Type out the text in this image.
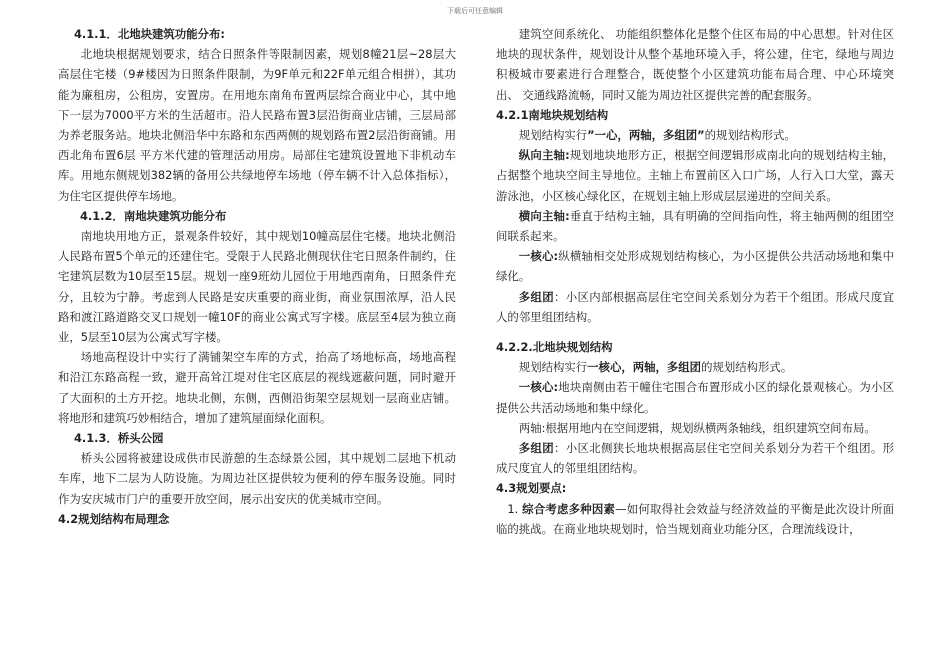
下载后可任意编辑

4.1.1．北地块建筑功能分布:

北地块根据规划要求，结合日照条件等限制因素，规划8幢21层~28层大高层住宅楼（9#楼因为日照条件限制，为9F单元和22F单元组合相拼），其功能为廉租房，公租房，安置房。在用地东南角布置两层综合商业中心，其中地下一层为7000平方米的生活超市。沿人民路布置3层沿街商业店铺，三层局部为养老服务站。地块北侧沿华中东路和东西两侧的规划路布置2层沿街商铺。用西北角布置6层 平方米代建的管理活动用房。局部住宅建筑设置地下非机动车库。用地东侧规划382辆的备用公共绿地停车场地（停车辆不计入总体指标），为住宅区提供停车场地。

4.1.2．南地块建筑功能分布

南地块用地方正，景观条件较好，其中规划10幢高层住宅楼。地块北侧沿人民路布置5个单元的还建住宅。受限于人民路北侧现状住宅日照条件制约，住宅建筑层数为10层至15层。规划一座9班幼儿园位于用地西南角，日照条件充分，且较为宁静。考虑到人民路是安庆重要的商业街，商业氛围浓厚，沿人民路和渡江路道路交叉口规划一幢10F的商业公寓式写字楼。底层至4层为独立商业，5层至10层为公寓式写字楼。

场地高程设计中实行了满铺架空车库的方式，抬高了场地标高，场地高程和沿江东路高程一致，避开高耸江堤对住宅区底层的视线遮蔽问题，同时避开了大面积的土方开挖。地块北侧，东侧，西侧沿街架空层规划一层商业店铺。将地形和建筑巧妙相结合，增加了建筑屋面绿化面积。

4.1.3．桥头公园

桥头公园将被建设成供市民游憩的生态绿景公园，其中规划二层地下机动车库，地下二层为人防设施。为周边社区提供较为便利的停车服务设施。同时作为安庆城市门户的重要开放空间，展示出安庆的优美城市空间。

4.2规划结构布局理念

建筑空间系统化、 功能组织整体化是整个住区布局的中心思想。针对住区地块的现状条件，规划设计从整个基地环境入手，将公建，住宅，绿地与周边积极城市要素进行合理整合，既使整个小区建筑功能布局合理、中心环境突出、 交通线路流畅，同时又能为周边社区提供完善的配套服务。

4.2.1南地块规划结构

规划结构实行”一心，两轴，多组团”的规划结构形式。

纵向主轴:规划地块地形方正，根据空间逻辑形成南北向的规划结构主轴，占据整个地块空间主导地位。主轴上布置前区入口广场，人行入口大堂，露天游泳池，小区核心绿化区，在规划主轴上形成层层递进的空间关系。

横向主轴:垂直于结构主轴，具有明确的空间指向性，将主轴两侧的组团空间联系起来。

一核心:纵横轴相交处形成规划结构核心，为小区提供公共活动场地和集中绿化。

多组团：小区内部根据高层住宅空间关系划分为若干个组团。形成尺度宜人的邻里组团结构。

4.2.2.北地块规划结构

规划结构实行一核心，两轴，多组团的规划结构形式。

一核心:地块南侧由若干幢住宅围合布置形成小区的绿化景观核心。为小区提供公共活动场地和集中绿化。

两轴:根据用地内在空间逻辑，规划纵横两条轴线，组织建筑空间布局。

多组团：小区北侧狭长地块根据高层住宅空间关系划分为若干个组团。形成尺度宜人的邻里组团结构。

4.3规划要点:

1. 综合考虑多种因素—如何取得社会效益与经济效益的平衡是此次设计所面临的挑战。在商业地块规划时，恰当规划商业功能分区，合理流线设计，
